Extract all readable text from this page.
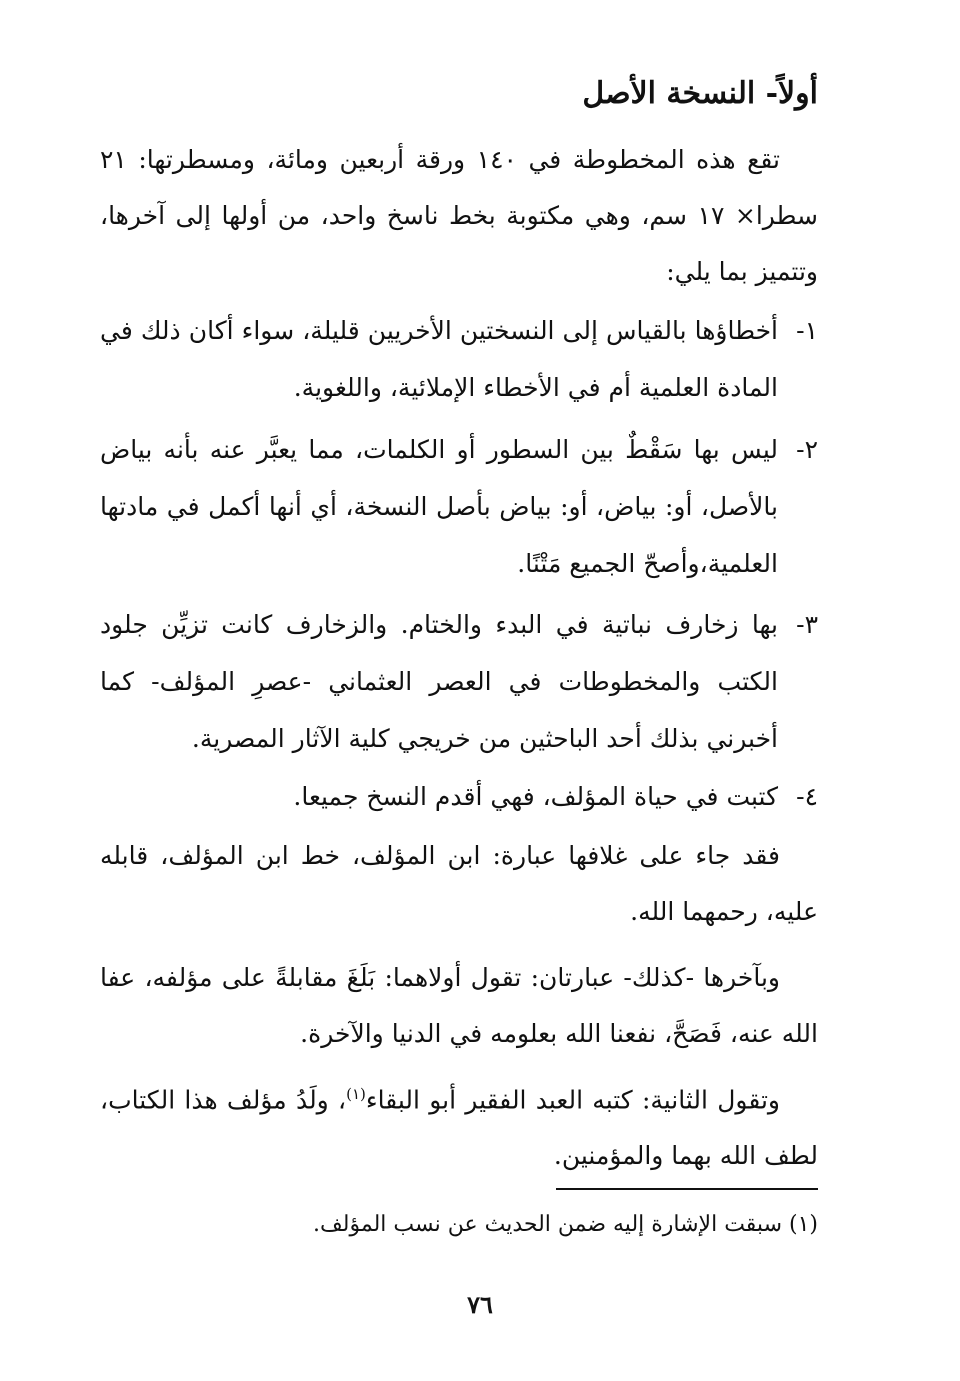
أولاً- النسخة الأصل
تقع هذه المخطوطة في ١٤٠ ورقة أربعين ومائة، ومسطرتها: ٢١ سطرا× ١٧ سم، وهي مكتوبة بخط ناسخ واحد، من أولها إلى آخرها، وتتميز بما يلي:
١-
أخطاؤها بالقياس إلى النسختين الأخريين قليلة، سواء أكان ذلك في المادة العلمية أم في الأخطاء الإملائية، واللغوية.
٢-
ليس بها سَقْطٌ بين السطور أو الكلمات، مما يعبَّر عنه بأنه بياض بالأصل، أو: بياض، أو: بياض بأصل النسخة، أي أنها أكمل في مادتها العلمية،وأصحّ الجميع مَتْنًا.
٣-
بها زخارف نباتية في البدء والختام. والزخارف كانت تزيِّن جلود الكتب والمخطوطات في العصر العثماني -عصرِ المؤلف- كما أخبرني بذلك أحد الباحثين من خريجي كلية الآثار المصرية.
٤-
كتبت في حياة المؤلف، فهي أقدم النسخ جميعا.
فقد جاء على غلافها عبارة: ابن المؤلف، خط ابن المؤلف، قابله عليه، رحمهما الله.
وبآخرها -كذلك- عبارتان: تقول أولاهما: بَلَغَ مقابلةً على مؤلفه، عفا الله عنه، فَصَحَّ، نفعنا الله بعلومه في الدنيا والآخرة.
وتقول الثانية: كتبه العبد الفقير أبو البقاء$^{(١)}$، ولَدُ مؤلف هذا الكتاب، لطف الله بهما والمؤمنين.
(١) سبقت الإشارة إليه ضمن الحديث عن نسب المؤلف.
٧٦
